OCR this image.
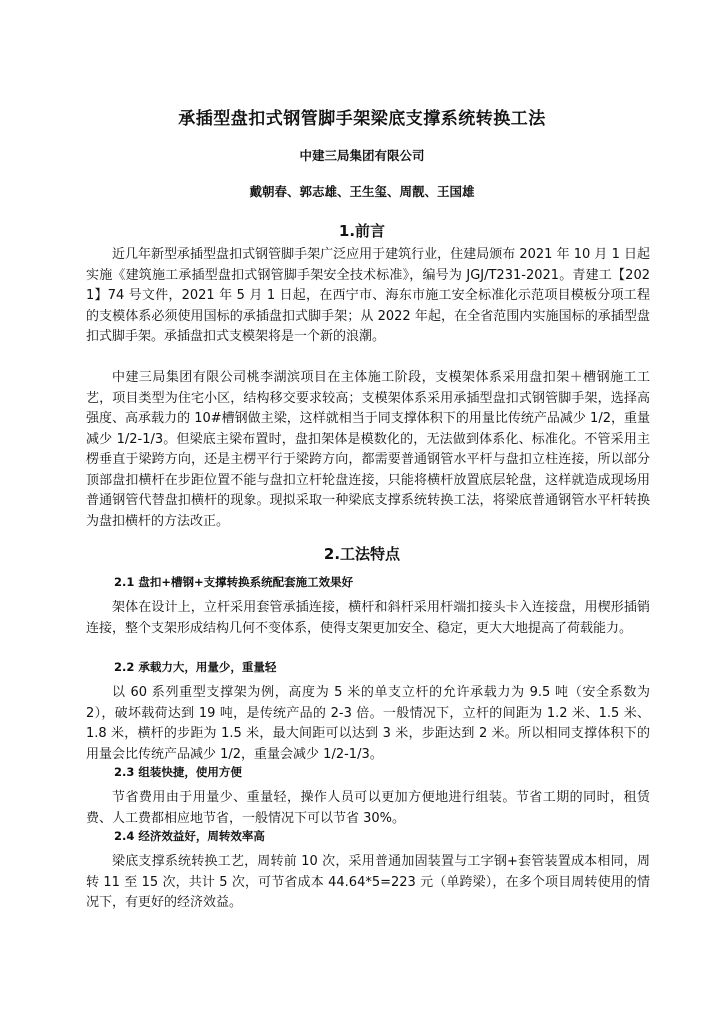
承插型盘扣式钢管脚手架梁底支撑系统转换工法
中建三局集团有限公司
戴朝春、郭志雄、王生玺、周靓、王国雄
1.前言

近几年新型承插型盘扣式钢管脚手架广泛应用于建筑行业，住建局颁布 2021 年 10 月 1 日起实施《建筑施工承插型盘扣式钢管脚手架安全技术标准》，编号为 JGJ/T231-2021。青建工【2021】74 号文件，2021 年 5 月 1 日起，在西宁市、海东市施工安全标准化示范项目模板分项工程的支模体系必须使用国标的承插盘扣式脚手架；从 2022 年起，在全省范围内实施国标的承插型盘扣式脚手架。承插盘扣式支模架将是一个新的浪潮。

中建三局集团有限公司桃李湖滨项目在主体施工阶段，支模架体系采用盘扣架＋槽钢施工工艺，项目类型为住宅小区，结构移交要求较高；支模架体系采用承插型盘扣式钢管脚手架，选择高强度、高承载力的 10#槽钢做主梁，这样就相当于同支撑体积下的用量比传统产品减少 1/2，重量减少 1/2-1/3。但梁底主梁布置时，盘扣架体是模数化的，无法做到体系化、标准化。不管采用主楞垂直于梁跨方向，还是主楞平行于梁跨方向，都需要普通钢管水平杆与盘扣立柱连接，所以部分顶部盘扣横杆在步距位置不能与盘扣立杆轮盘连接，只能将横杆放置底层轮盘，这样就造成现场用普通钢管代替盘扣横杆的现象。现拟采取一种梁底支撑系统转换工法，将梁底普通钢管水平杆转换为盘扣横杆的方法改正。

2.工法特点
2.1 盘扣+槽钢+支撑转换系统配套施工效果好

架体在设计上，立杆采用套管承插连接，横杆和斜杆采用杆端扣接头卡入连接盘，用楔形插销连接，整个支架形成结构几何不变体系，使得支架更加安全、稳定，更大大地提高了荷载能力。

2.2 承载力大，用量少，重量轻

以 60 系列重型支撑架为例，高度为 5 米的单支立杆的允许承载力为 9.5 吨（安全系数为 2），破坏载荷达到 19 吨，是传统产品的 2-3 倍。一般情况下，立杆的间距为 1.2 米、1.5 米、1.8 米，横杆的步距为 1.5 米，最大间距可以达到 3 米，步距达到 2 米。所以相同支撑体积下的用量会比传统产品减少 1/2，重量会减少 1/2-1/3。

2.3 组装快捷，使用方便

节省费用由于用量少、重量轻，操作人员可以更加方便地进行组装。节省工期的同时，租赁费、人工费都相应地节省，一般情况下可以节省 30%。

2.4 经济效益好，周转效率高

梁底支撑系统转换工艺，周转前 10 次，采用普通加固装置与工字钢+套管装置成本相同，周转 11 至 15 次，共计 5 次，可节省成本 44.64*5=223 元（单跨梁），在多个项目周转使用的情况下，有更好的经济效益。
